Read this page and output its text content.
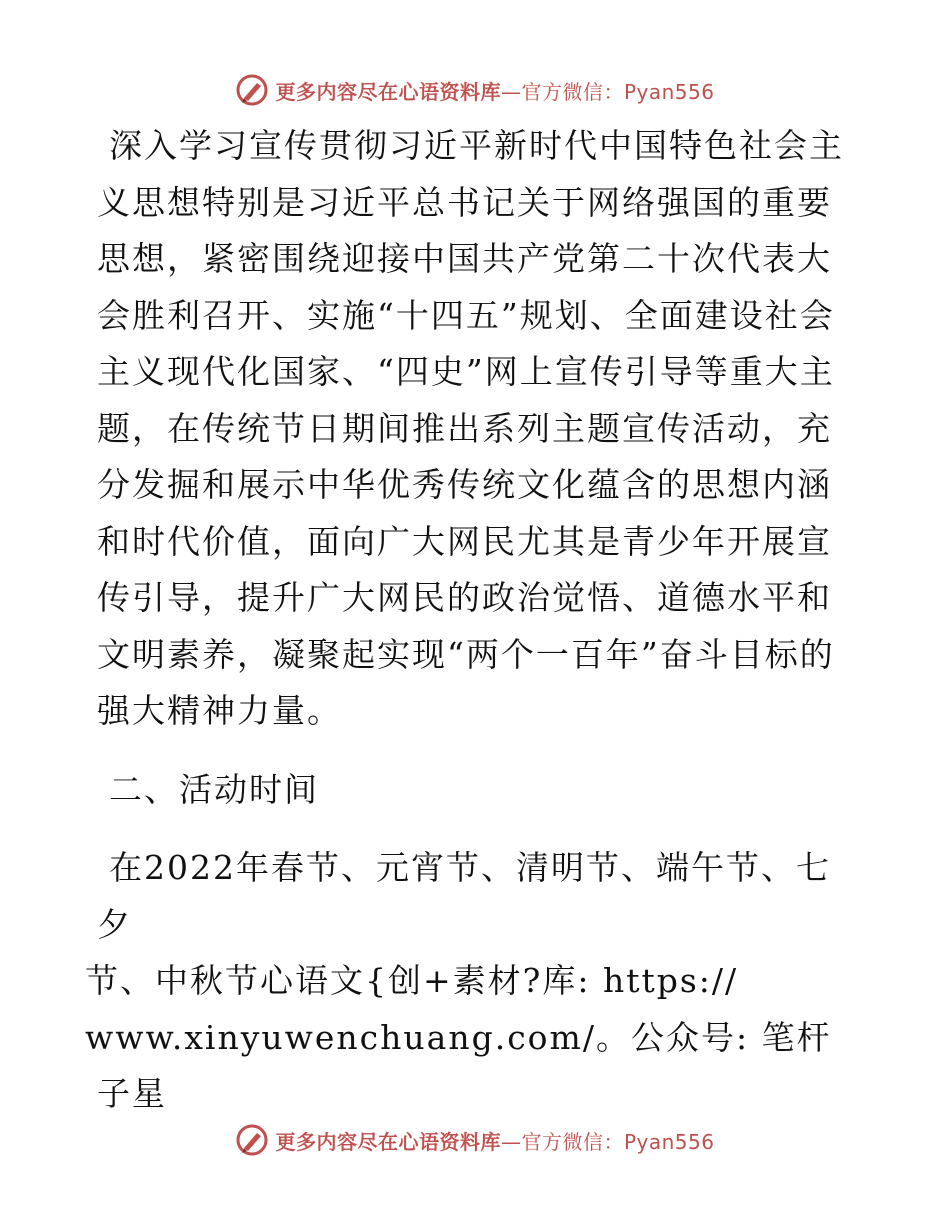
更多内容尽在心语资料库—官方微信：Pyan556

深入学习宣传贯彻习近平新时代中国特色社会主义思想特别是习近平总书记关于网络强国的重要思想，紧密围绕迎接中国共产党第二十次代表大会胜利召开、实施“十四五”规划、全面建设社会主义现代化国家、“四史”网上宣传引导等重大主题，在传统节日期间推出系列主题宣传活动，充分发掘和展示中华优秀传统文化蕴含的思想内涵和时代价值，面向广大网民尤其是青少年开展宣传引导，提升广大网民的政治觉悟、道德水平和文明素养，凝聚起实现“两个一百年”奋斗目标的强大精神力量。

二、活动时间

在2022年春节、元宵节、清明节、端午节、七夕
节、中秋节心语文{创+素材?库: https://
www.xinyuwenchuang.com/。公众号: 笔杆子星

更多内容尽在心语资料库—官方微信：Pyan556
